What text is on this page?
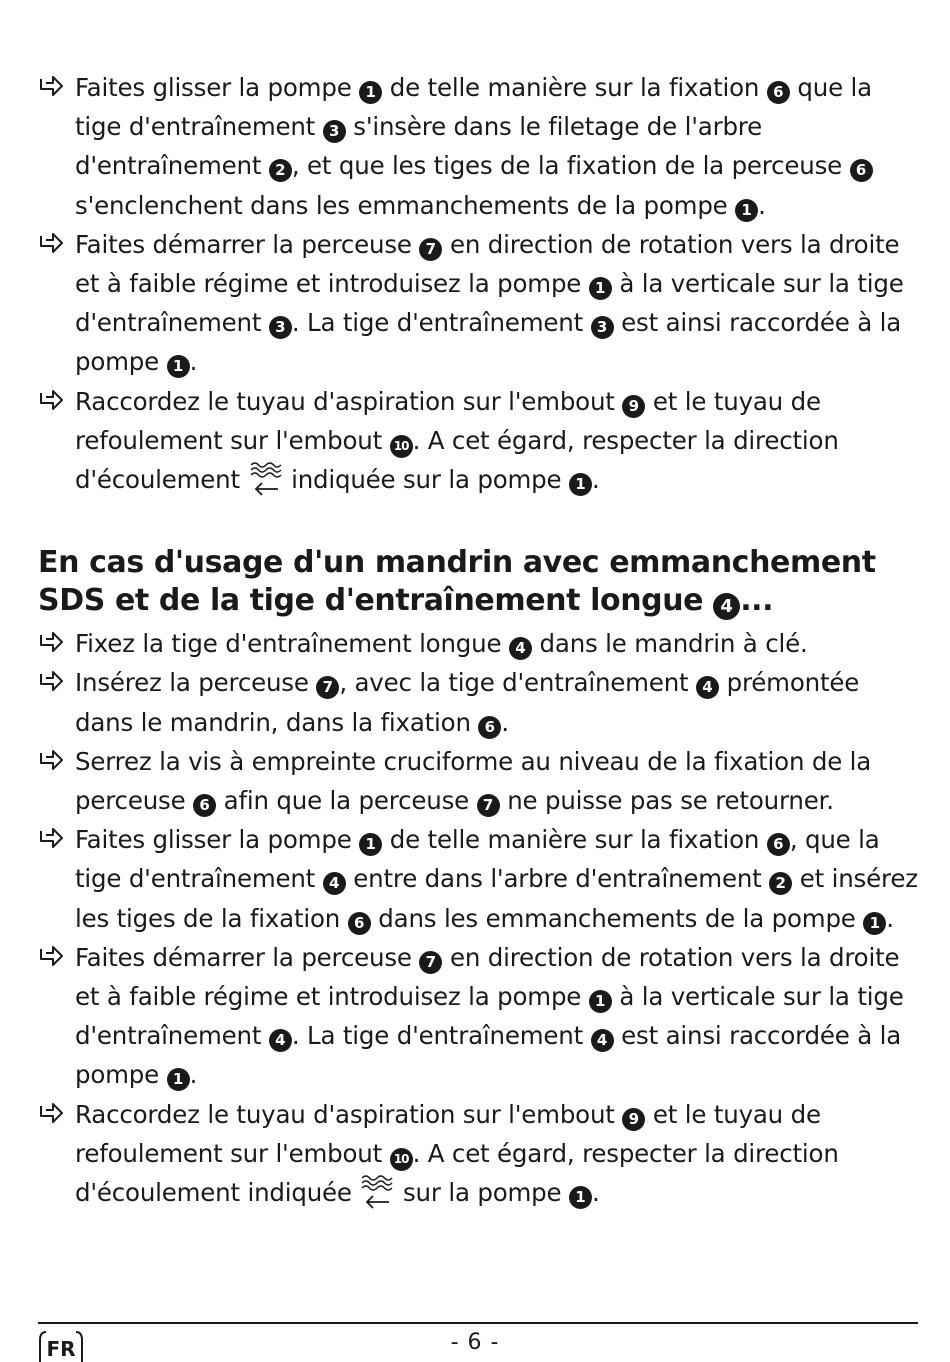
Faites glisser la pompe 1 de telle manière sur la fixation 6 que la tige d'entraînement 3 s'insère dans le filetage de l'arbre d'entraînement 2 , et que les tiges de la fixation de la perceuse 6 s'enclenchent dans les emmanchements de la pompe 1 .
Faites démarrer la perceuse 7 en direction de rotation vers la droite et à faible régime et introduisez la pompe 1 à la verticale sur la tige d'entraînement 3 . La tige d'entraînement 3 est ainsi raccordée à la pompe 1 .
Raccordez le tuyau d'aspiration sur l'embout 9 et le tuyau de refoulement sur l'embout 10 . A cet égard, respecter la direction d'écoulement  indiquée sur la pompe 1 .
En cas d'usage d'un mandrin avec emmanchement SDS et de la tige d'entraînement longue 4 ...
Fixez la tige d'entraînement longue 4 dans le mandrin à clé.
Insérez la perceuse 7 , avec la tige d'entraînement 4 prémontée dans le mandrin, dans la fixation 6 .
Serrez la vis à empreinte cruciforme au niveau de la fixation de la perceuse 6 afin que la perceuse 7 ne puisse pas se retourner.
Faites glisser la pompe 1 de telle manière sur la fixation 6 , que la tige d'entraînement 4 entre dans l'arbre d'entraînement 2 et insérez les tiges de la fixation 6 dans les emmanchements de la pompe 1 .
Faites démarrer la perceuse 7 en direction de rotation vers la droite et à faible régime et introduisez la pompe 1 à la verticale sur la tige d'entraînement 4 . La tige d'entraînement 4 est ainsi raccordée à la pompe 1 .
Raccordez le tuyau d'aspiration sur l'embout 9 et le tuyau de refoulement sur l'embout 10 . A cet égard, respecter la direction d'écoulement indiquée  sur la pompe 1 .
FR	- 6 -
